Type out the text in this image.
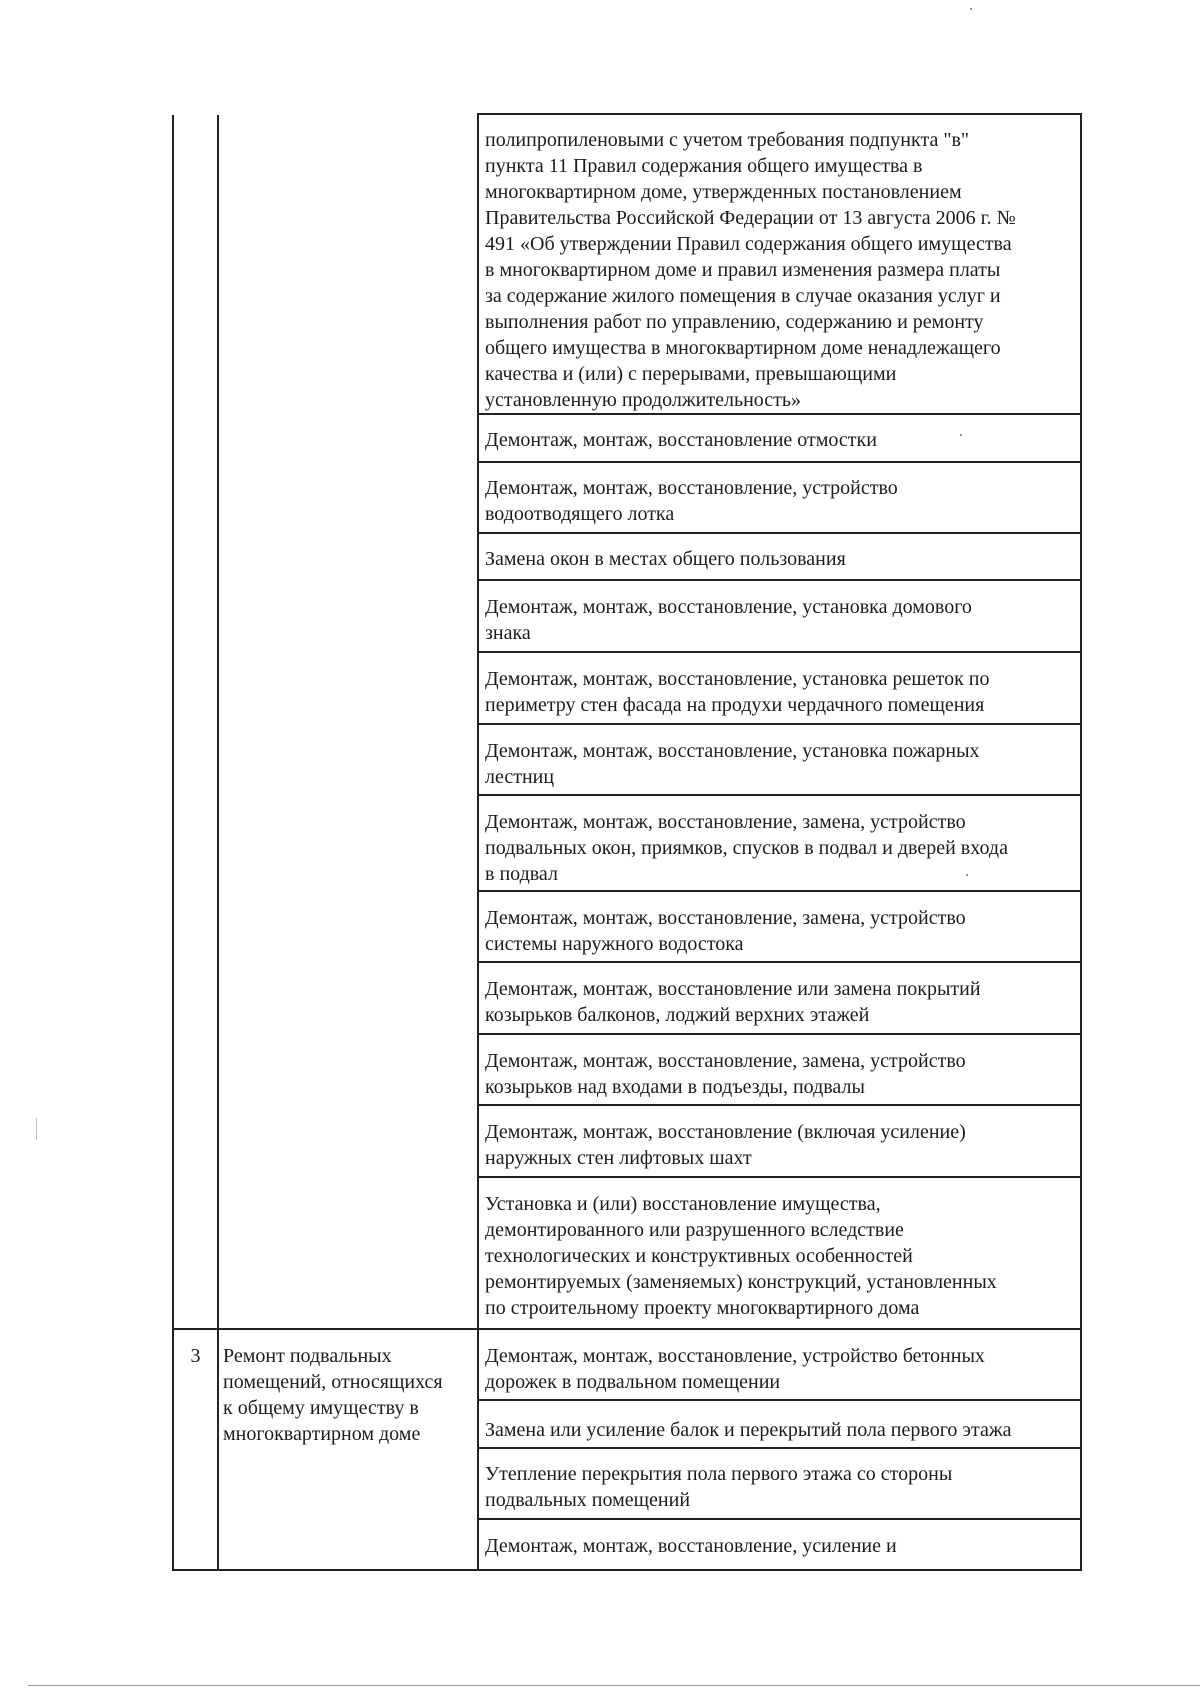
полипропиленовыми с учетом требования подпункта "в"
пункта 11 Правил содержания общего имущества в
многоквартирном доме, утвержденных постановлением
Правительства Российской Федерации от 13 августа 2006 г. №
491 «Об утверждении Правил содержания общего имущества
в многоквартирном доме и правил изменения размера платы
за содержание жилого помещения в случае оказания услуг и
выполнения работ по управлению, содержанию и ремонту
общего имущества в многоквартирном доме ненадлежащего
качества и (или) с перерывами, превышающими
установленную продолжительность»
Демонтаж, монтаж, восстановление отмостки
Демонтаж, монтаж, восстановление, устройство
водоотводящего лотка
Замена окон в местах общего пользования
Демонтаж, монтаж, восстановление, установка домового
знака
Демонтаж, монтаж, восстановление, установка решеток по
периметру стен фасада на продухи чердачного помещения
Демонтаж, монтаж, восстановление, установка пожарных
лестниц
Демонтаж, монтаж, восстановление, замена, устройство
подвальных окон, приямков, спусков в подвал и дверей входа
в подвал
Демонтаж, монтаж, восстановление, замена, устройство
системы наружного водостока
Демонтаж, монтаж, восстановление или замена покрытий
козырьков балконов, лоджий верхних этажей
Демонтаж, монтаж, восстановление, замена, устройство
козырьков над входами в подъезды, подвалы
Демонтаж, монтаж, восстановление (включая усиление)
наружных стен лифтовых шахт
Установка и (или) восстановление имущества,
демонтированного или разрушенного вследствие
технологических и конструктивных особенностей
ремонтируемых (заменяемых) конструкций, установленных
по строительному проекту многоквартирного дома
Демонтаж, монтаж, восстановление, устройство бетонных
дорожек в подвальном помещении
Замена или усиление балок и перекрытий пола первого этажа
Утепление перекрытия пола первого этажа со стороны
подвальных помещений
Демонтаж, монтаж, восстановление, усиление и
3	Ремонт подвальных
помещений, относящихся
к общему имуществу в
многоквартирном доме
